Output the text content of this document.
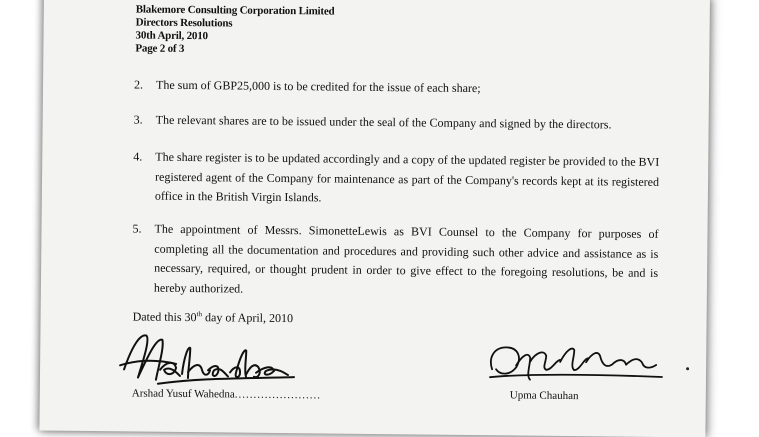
Blakemore Consulting Corporation Limited
Directors Resolutions
30th April, 2010
Page 2 of 3
2.	The sum of GBP25,000 is to be credited for the issue of each share;
3.	The relevant shares are to be issued under the seal of the Company and signed by the directors.
4.	The share register is to be updated accordingly and a copy of the updated register be provided to the BVI registered agent of the Company for maintenance as part of the Company's records kept at its registered office in the British Virgin Islands.
5.	The appointment of Messrs. SimonetteLewis as BVI Counsel to the Company for purposes of completing all the documentation and procedures and providing such other advice and assistance as is necessary, required, or thought prudent in order to give effect to the foregoing resolutions, be and is hereby authorized.
Dated this 30th day of April, 2010
Arshad Yusuf Wahedna.......................	Upma Chauhan
